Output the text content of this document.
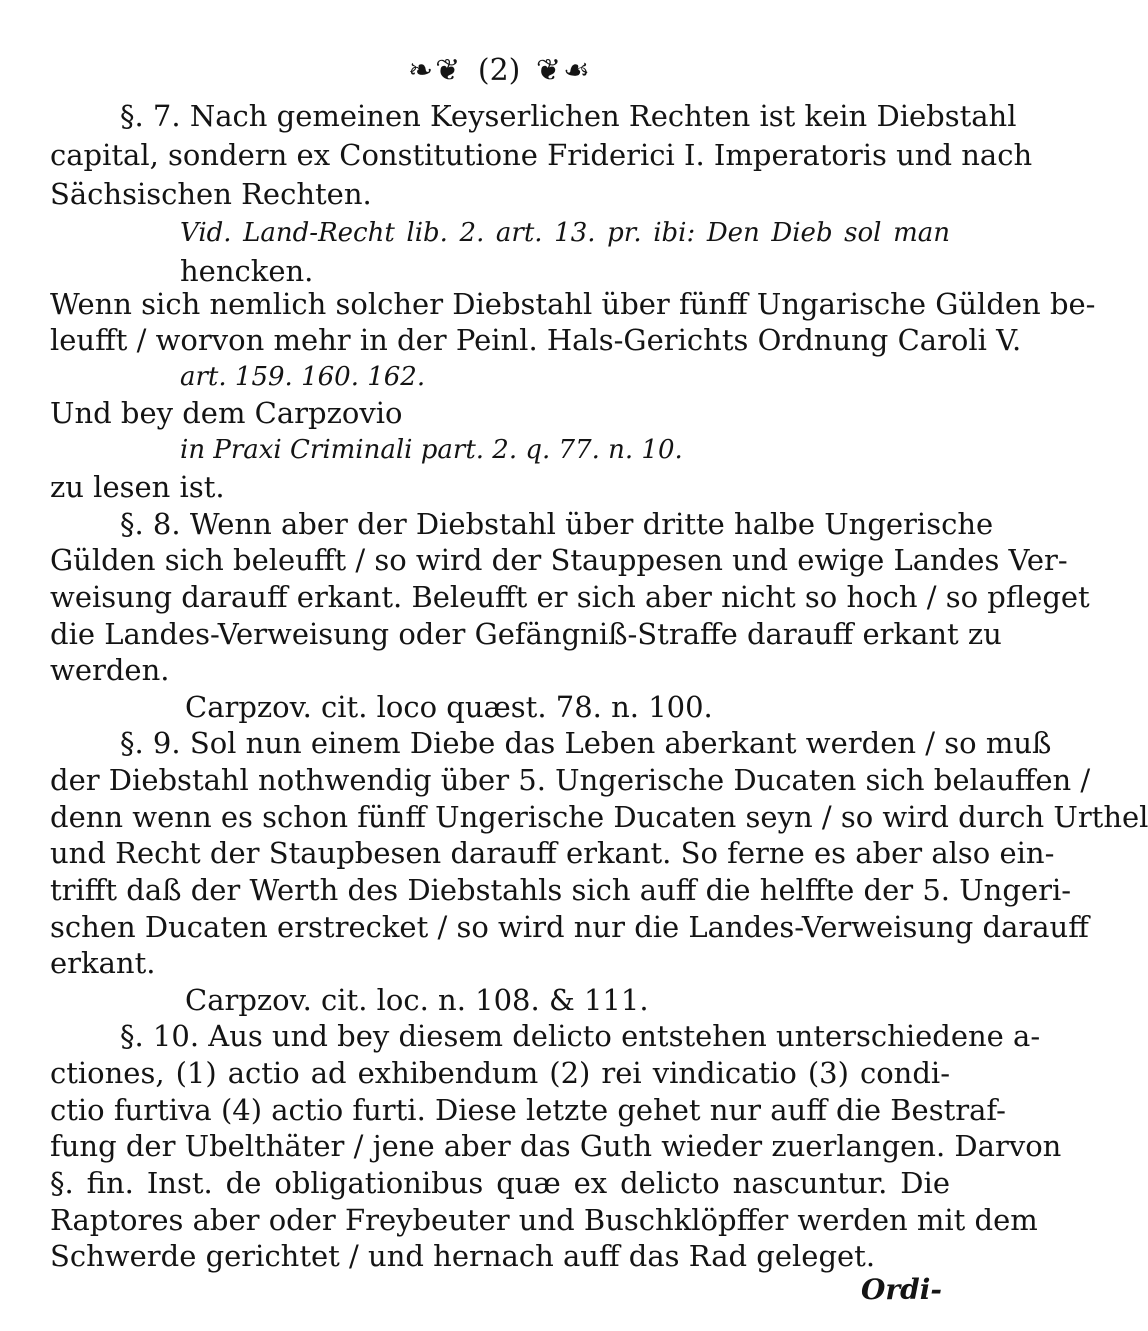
❧❦ (2) ❦☙
§. 7. Nach gemeinen Keyserlichen Rechten ist kein Diebstahl
capital, sondern ex Constitutione Friderici I. Imperatoris und nach
Sächsischen Rechten.
Vid. Land-Recht lib. 2. art. 13. pr. ibi: Den Dieb sol man
hencken.
Wenn sich nemlich solcher Diebstahl über fünff Ungarische Gülden be-
leufft / worvon mehr in der Peinl. Hals-Gerichts Ordnung Caroli V.
art. 159. 160. 162.
Und bey dem Carpzovio
in Praxi Criminali part. 2. q. 77. n. 10.
zu lesen ist.
§. 8. Wenn aber der Diebstahl über dritte halbe Ungerische
Gülden sich beleufft / so wird der Stauppesen und ewige Landes Ver-
weisung darauff erkant. Beleufft er sich aber nicht so hoch / so pfleget
die Landes-Verweisung oder Gefängniß-Straffe darauff erkant zu
werden.
Carpzov. cit. loco quæst. 78. n. 100.
§. 9. Sol nun einem Diebe das Leben aberkant werden / so muß
der Diebstahl nothwendig über 5. Ungerische Ducaten sich belauffen /
denn wenn es schon fünff Ungerische Ducaten seyn / so wird durch Urthel
und Recht der Staupbesen darauff erkant. So ferne es aber also ein-
trifft daß der Werth des Diebstahls sich auff die helffte der 5. Ungeri-
schen Ducaten erstrecket / so wird nur die Landes-Verweisung darauff
erkant.
Carpzov. cit. loc. n. 108. & 111.
§. 10. Aus und bey diesem delicto entstehen unterschiedene a-
ctiones, (1) actio ad exhibendum (2) rei vindicatio (3) condi-
ctio furtiva (4) actio furti. Diese letzte gehet nur auff die Bestraf-
fung der Ubelthäter / jene aber das Guth wieder zuerlangen. Darvon
§. fin. Inst. de obligationibus quæ ex delicto nascuntur. Die
Raptores aber oder Freybeuter und Buschklöpffer werden mit dem
Schwerde gerichtet / und hernach auff das Rad geleget.
Ordi-
